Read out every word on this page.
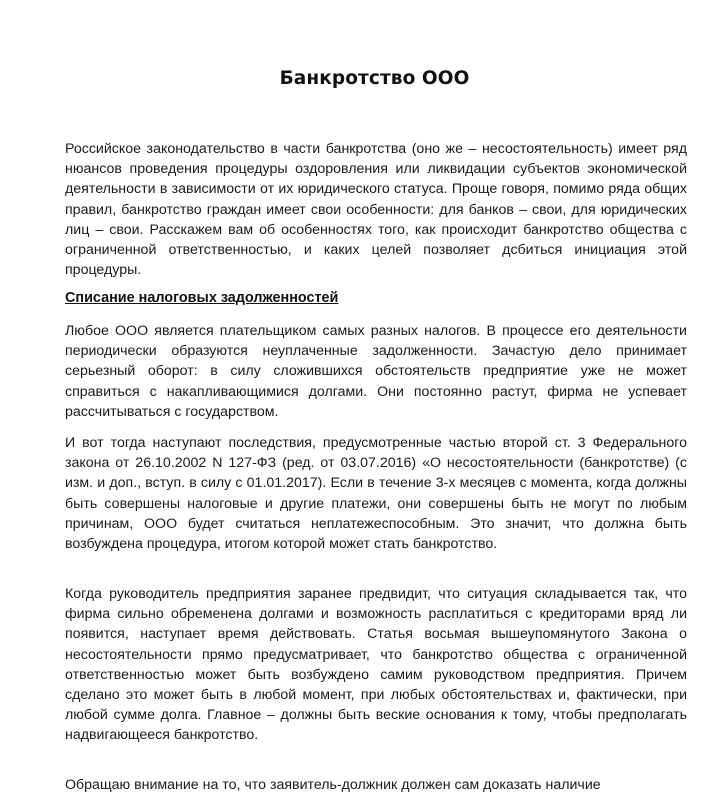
Банкротство ООО

Российское законодательство в части банкротства (оно же – несостоятельность) имеет ряд нюансов проведения процедуры оздоровления или ликвидации субъектов экономической деятельности в зависимости от их юридического статуса. Проще говоря, помимо ряда общих правил, банкротство граждан имеет свои особенности: для банков – свои, для юридических лиц – свои. Расскажем вам об особенностях того, как происходит банкротство общества с ограниченной ответственностью, и каких целей позволяет дсбиться инициация этой процедуры.

Списание налоговых задолженностей

Любое ООО является плательщиком самых разных налогов. В процессе его деятельности периодически образуются неуплаченные задолженности. Зачастую дело принимает серьезный оборот: в силу сложившихся обстоятельств предприятие уже не может справиться с накапливающимися долгами. Они постоянно растут, фирма не успевает рассчитываться с государством.

И вот тогда наступают последствия, предусмотренные частью второй ст. 3 Федерального закона от 26.10.2002 N 127-ФЗ (ред. от 03.07.2016) «О несостоятельности (банкротстве) (с изм. и доп., вступ. в силу с 01.01.2017). Если в течение 3-х месяцев с момента, когда должны быть совершены налоговые и другие платежи, они совершены быть не могут по любым причинам, ООО будет считаться неплатежеспособным. Это значит, что должна быть возбуждена процедура, итогом которой может стать банкротство.

Когда руководитель предприятия заранее предвидит, что ситуация складывается так, что фирма сильно обременена долгами и возможность расплатиться с кредиторами вряд ли появится, наступает время действовать. Статья восьмая вышеупомянутого Закона о несостоятельности прямо предусматривает, что банкротство общества с ограниченной ответственностью может быть возбуждено самим руководством предприятия. Причем сделано это может быть в любой момент, при любых обстоятельствах и, фактически, при любой сумме долга. Главное – должны быть веские основания к тому, чтобы предполагать надвигающееся банкротство.

Обращаю внимание на то, что заявитель-должник должен сам доказать наличие
